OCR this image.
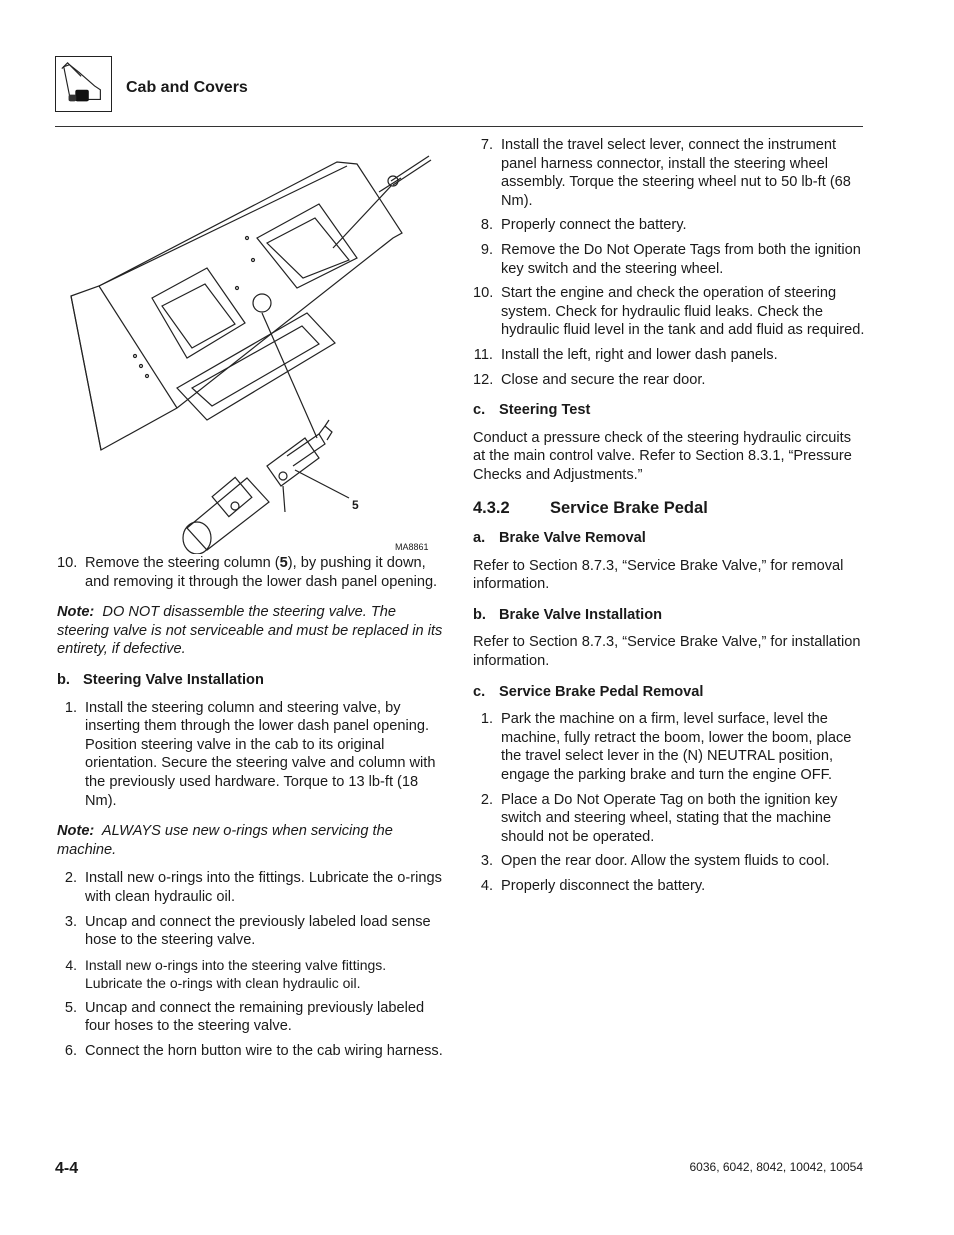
Cab and Covers
5
MA8861
10. Remove the steering column (5), by pushing it down, and removing it through the lower dash panel opening.
Note: DO NOT disassemble the steering valve. The steering valve is not serviceable and must be replaced in its entirety, if defective.
b. Steering Valve Installation
1. Install the steering column and steering valve, by inserting them through the lower dash panel opening. Position steering valve in the cab to its original orientation. Secure the steering valve and column with the previously used hardware. Torque to 13 lb-ft (18 Nm).
Note: ALWAYS use new o-rings when servicing the machine.
2. Install new o-rings into the fittings. Lubricate the o-rings with clean hydraulic oil.
3. Uncap and connect the previously labeled load sense hose to the steering valve.
4. Install new o-rings into the steering valve fittings. Lubricate the o-rings with clean hydraulic oil.
5. Uncap and connect the remaining previously labeled four hoses to the steering valve.
6. Connect the horn button wire to the cab wiring harness.
7. Install the travel select lever, connect the instrument panel harness connector, install the steering wheel assembly. Torque the steering wheel nut to 50 lb-ft (68 Nm).
8. Properly connect the battery.
9. Remove the Do Not Operate Tags from both the ignition key switch and the steering wheel.
10. Start the engine and check the operation of steering system. Check for hydraulic fluid leaks. Check the hydraulic fluid level in the tank and add fluid as required.
11. Install the left, right and lower dash panels.
12. Close and secure the rear door.
c. Steering Test
Conduct a pressure check of the steering hydraulic circuits at the main control valve. Refer to Section 8.3.1, “Pressure Checks and Adjustments.”
4.3.2 Service Brake Pedal
a. Brake Valve Removal
Refer to Section 8.7.3, “Service Brake Valve,” for removal information.
b. Brake Valve Installation
Refer to Section 8.7.3, “Service Brake Valve,” for installation information.
c. Service Brake Pedal Removal
1. Park the machine on a firm, level surface, level the machine, fully retract the boom, lower the boom, place the travel select lever in the (N) NEUTRAL position, engage the parking brake and turn the engine OFF.
2. Place a Do Not Operate Tag on both the ignition key switch and steering wheel, stating that the machine should not be operated.
3. Open the rear door. Allow the system fluids to cool.
4. Properly disconnect the battery.
4-4	6036, 6042, 8042, 10042, 10054
